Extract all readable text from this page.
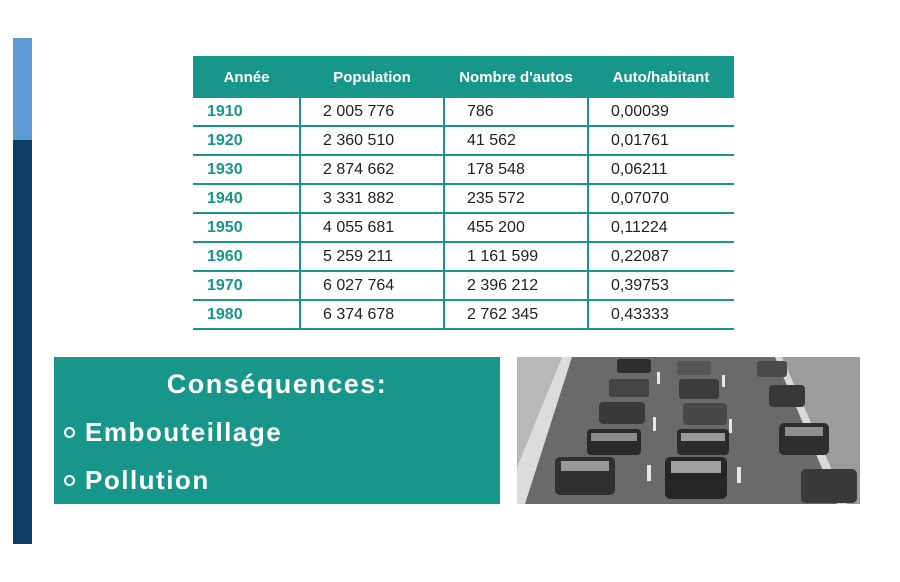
Année	Population	Nombre d'autos	Auto/habitant
1910	2 005 776	786	0,00039
1920	2 360 510	41 562	0,01761
1930	2 874 662	178 548	0,06211
1940	3 331 882	235 572	0,07070
1950	4 055 681	455 200	0,11224
1960	5 259 211	1 161 599	0,22087
1970	6 027 764	2 396 212	0,39753
1980	6 374 678	2 762 345	0,43333
Conséquences:
Embouteillage
Pollution
